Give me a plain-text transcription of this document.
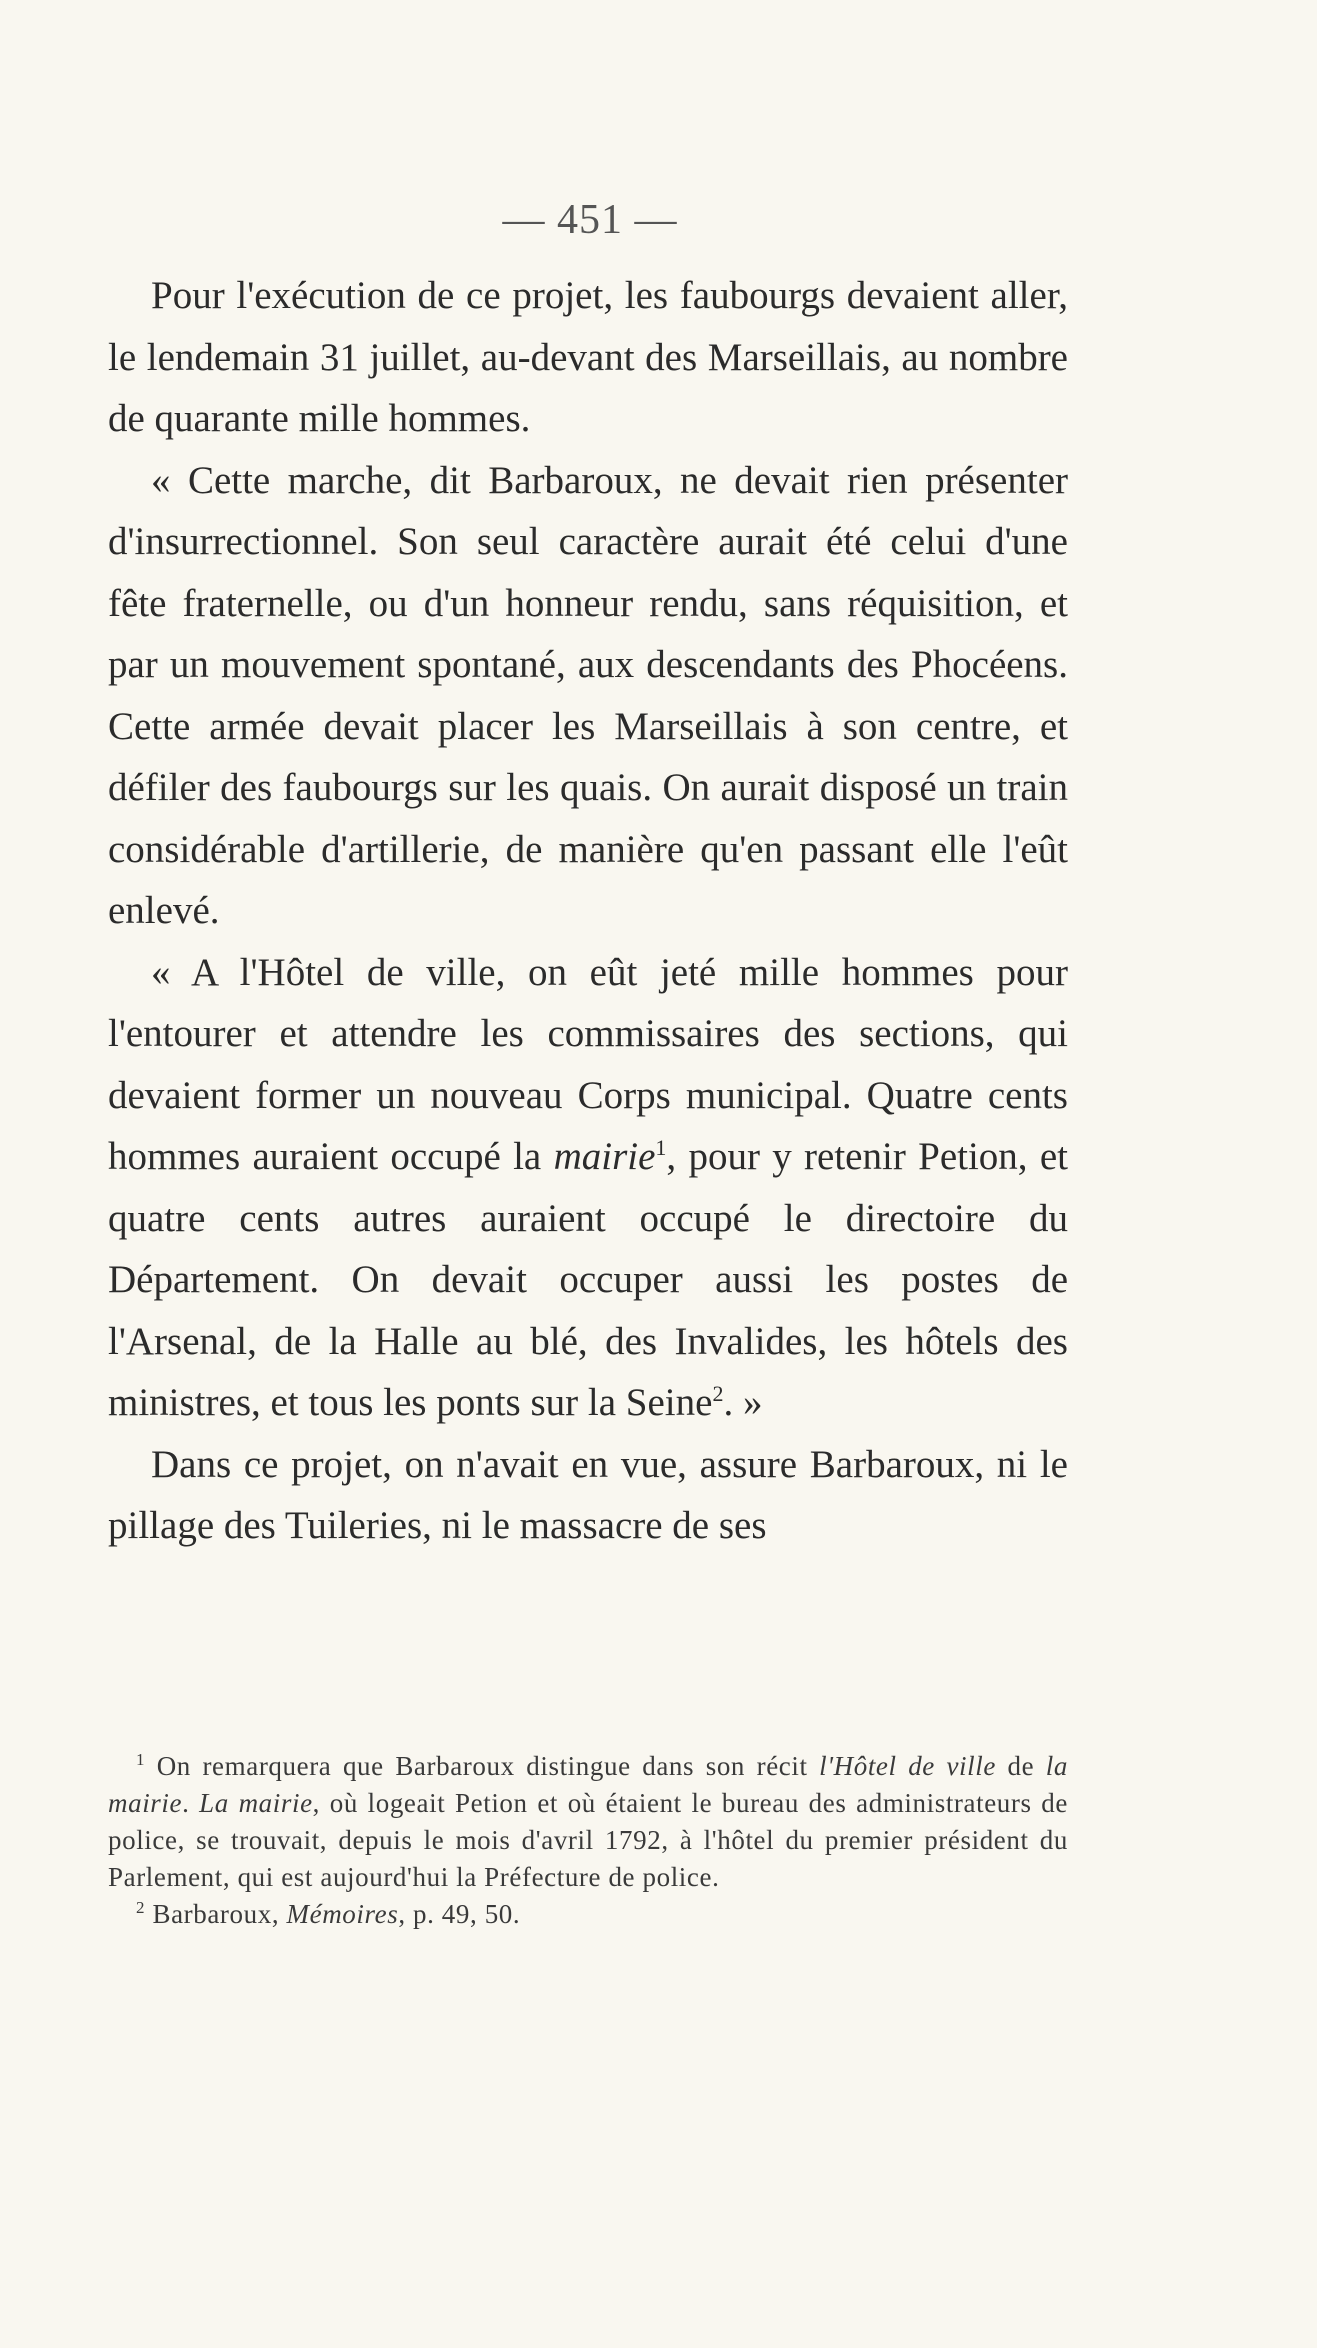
— 451 —

Pour l'exécution de ce projet, les faubourgs devaient aller, le lendemain 31 juillet, au-devant des Marseillais, au nombre de quarante mille hommes.

« Cette marche, dit Barbaroux, ne devait rien présenter d'insurrectionnel. Son seul caractère aurait été celui d'une fête fraternelle, ou d'un honneur rendu, sans réquisition, et par un mouvement spontané, aux descendants des Phocéens. Cette armée devait placer les Marseillais à son centre, et défiler des faubourgs sur les quais. On aurait disposé un train considérable d'artillerie, de manière qu'en passant elle l'eût enlevé.

« A l'Hôtel de ville, on eût jeté mille hommes pour l'entourer et attendre les commissaires des sections, qui devaient former un nouveau Corps municipal. Quatre cents hommes auraient occupé la mairie$^1$, pour y retenir Petion, et quatre cents autres auraient occupé le directoire du Département. On devait occuper aussi les postes de l'Arsenal, de la Halle au blé, des Invalides, les hôtels des ministres, et tous les ponts sur la Seine$^2$. »

Dans ce projet, on n'avait en vue, assure Barbaroux, ni le pillage des Tuileries, ni le massacre de ses

$^1$ On remarquera que Barbaroux distingue dans son récit l'Hôtel de ville de la mairie. La mairie, où logeait Petion et où étaient le bureau des administrateurs de police, se trouvait, depuis le mois d'avril 1792, à l'hôtel du premier président du Parlement, qui est aujourd'hui la Préfecture de police.

$^2$ Barbaroux, Mémoires, p. 49, 50.
